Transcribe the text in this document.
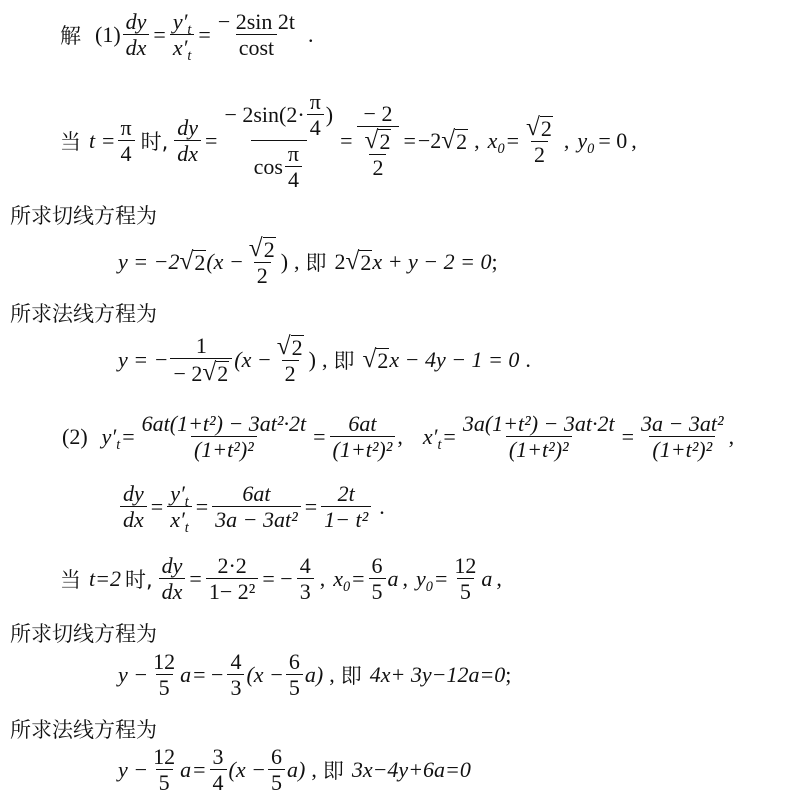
解 $(1) \frac{dy}{dx} = \frac{y'_t}{x'_t} = \frac{- 2\sin 2t}{\cos t}$ .
当 $t = \frac{\pi}{4}$ 时, $\frac{dy}{dx} = \frac{- 2\sin(2\cdot \frac{\pi}{4} )}{\cos \frac{\pi}{4}} = \frac{- 2}{\frac{√ 2}{2}} = -2$ √ 2 , $x_0 = \frac{√ 2}{2}$ , $y_0 = 0$ ,
所求切线方程为
y = −2 √ 2 ($x - \frac{√ 2}{2}$ ) , 即 2 √ 2 x + y − 2 = 0 ;
所求法线方程为
y = − $\frac{1}{- 2 √ 2} (x - \frac{√ 2}{2}$ ) , 即 √ 2 x − 4y − 1 = 0 .
(2) $y'_t = \frac{\text{6at(1+t²) − 3at²·2t}}{\text{(1+t²)²}} = \frac{6at}{\text{(1+t²)²}}$ , $x'_t = \frac{\text{3a(1+t²) − 3at·2t}}{\text{(1+t²)²}} = \frac{\text{3a − 3at²}}{\text{(1+t²)²}}$ ,
$\frac{dy}{dx} = \frac{y'_t}{x'_t} = \frac{6at}{\text{3a − 3at²}} = \frac{2t}{\text{1− t²}}$ .
当 t=2 时, $\frac{dy}{dx} = \frac{2\cdot 2}{\text{1− 2²}}$ = − $\frac{4}{3}$ , $x_0 = \frac{6}{5}$ a , $y_0 = \frac{12}{5}$ a ,
所求切线方程为
$y - \frac{12}{5}$ a = − $\frac{4}{3} (x - \frac{6}{5} a)$ , 即 4x+ 3y−12a=0 ;
所求法线方程为
$y - \frac{12}{5}$ $a = \frac{3}{4} (x - \frac{6}{5} a)$ , 即 3x−4y+6a=0
